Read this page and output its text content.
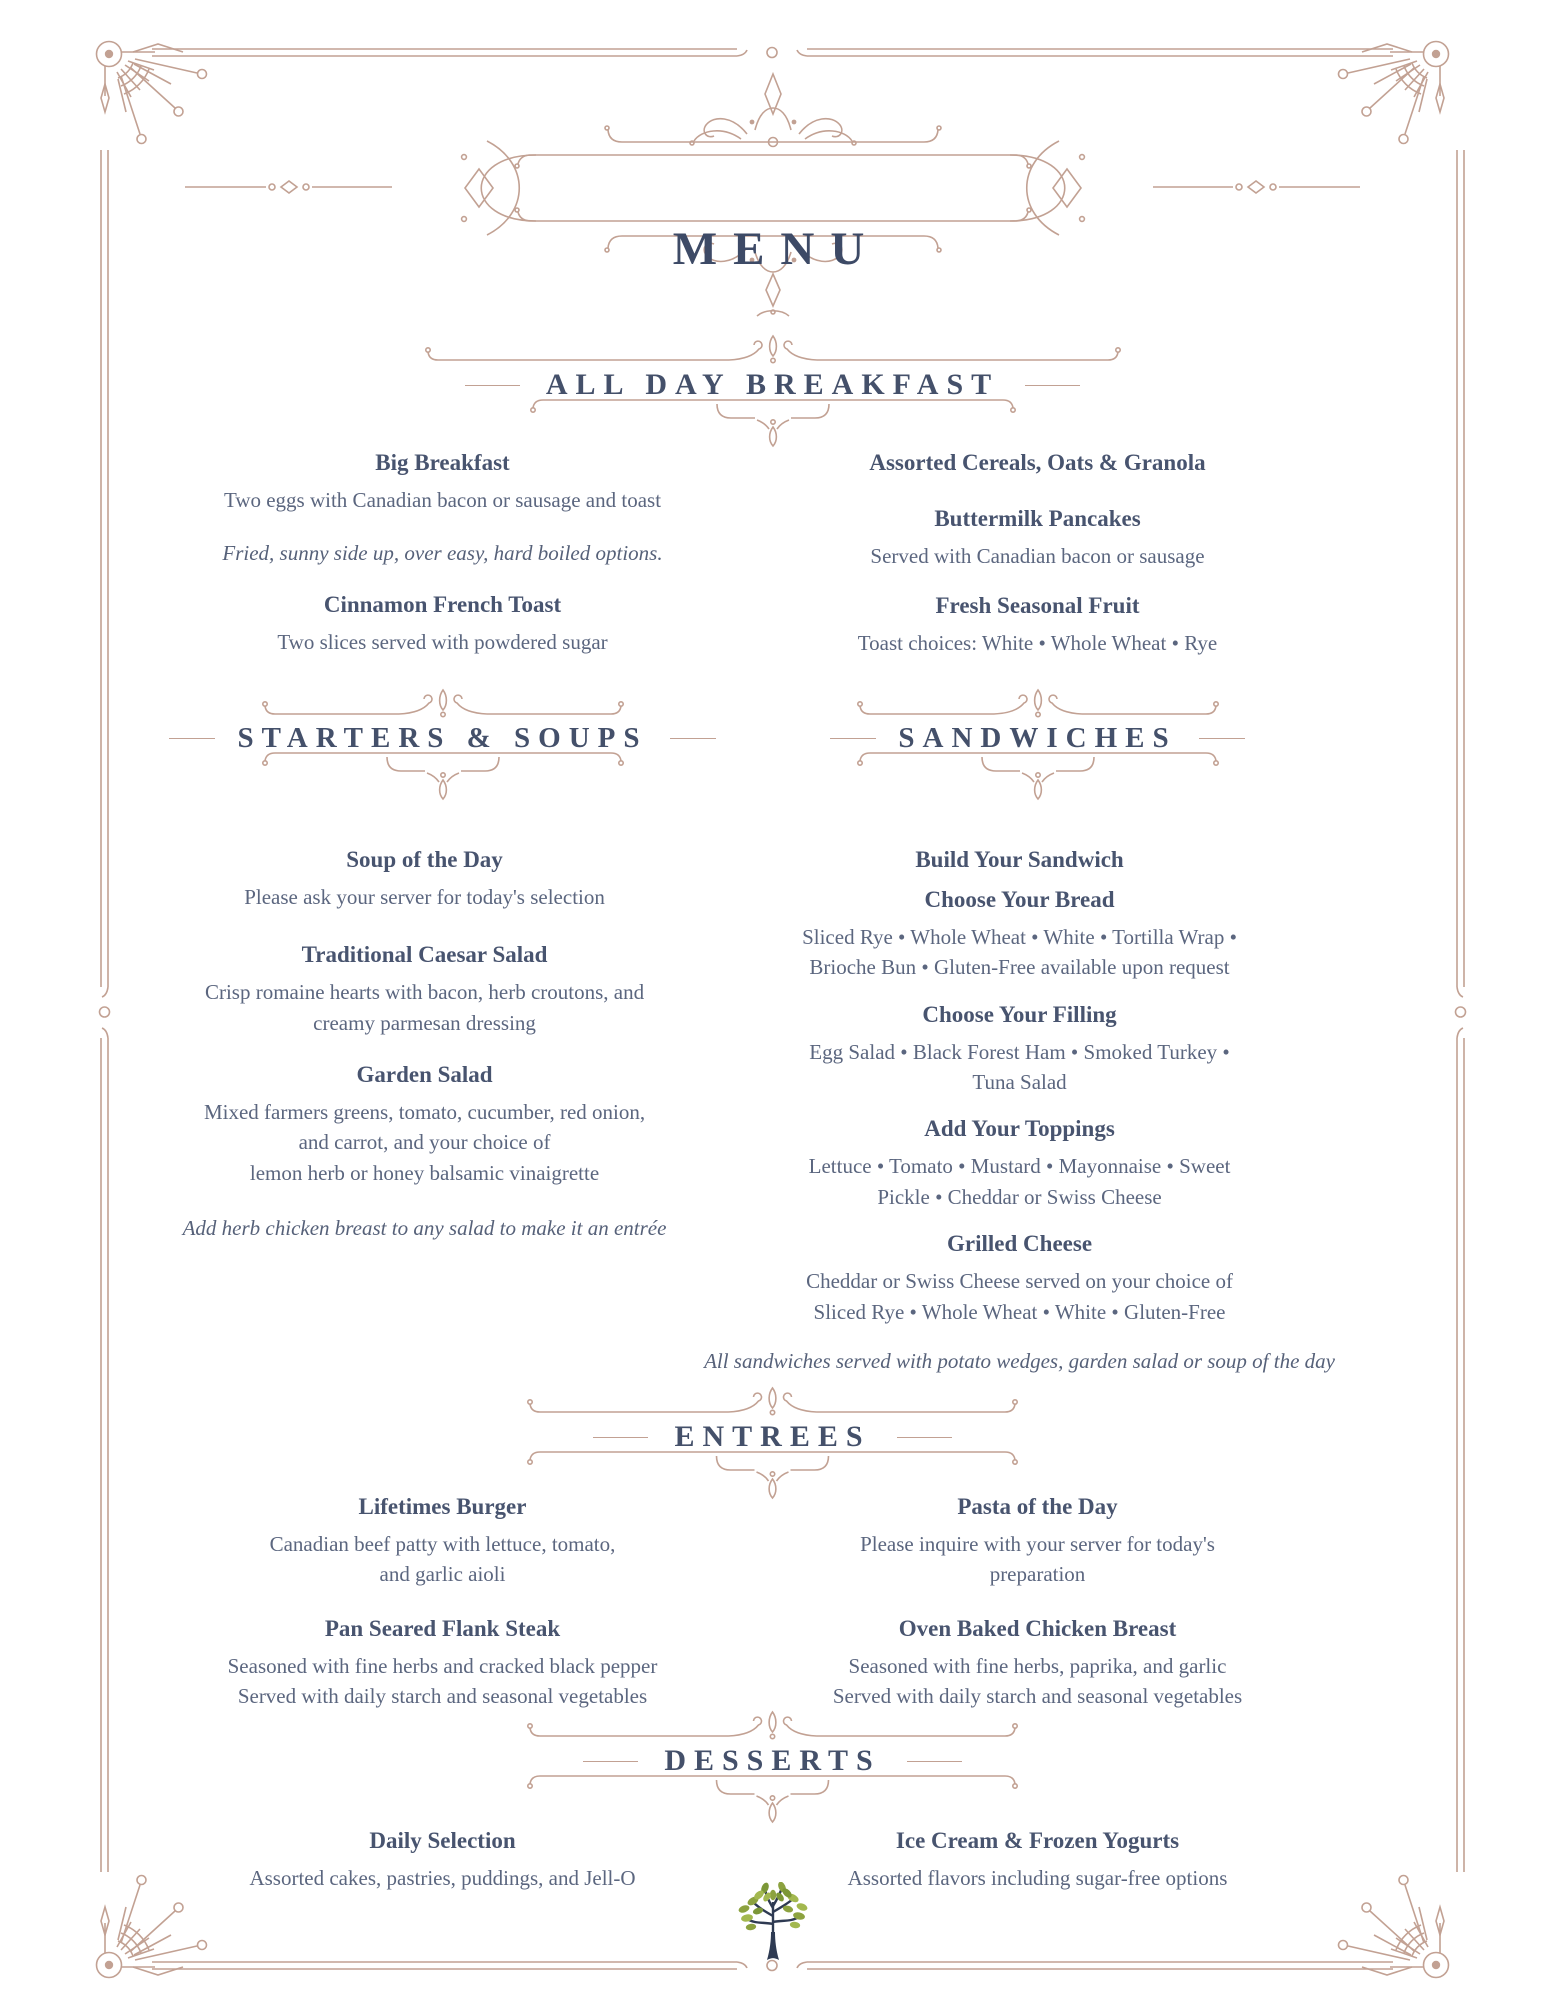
MENU
ALL DAY BREAKFAST
Big Breakfast
Two eggs with Canadian bacon or sausage and toast
Fried, sunny side up, over easy, hard boiled options.
Cinnamon French Toast
Two slices served with powdered sugar
Assorted Cereals, Oats & Granola
Buttermilk Pancakes
Served with Canadian bacon or sausage
Fresh Seasonal Fruit
Toast choices: White • Whole Wheat • Rye
STARTERS & SOUPS	SANDWICHES
Soup of the Day
Please ask your server for today's selection
Traditional Caesar Salad
Crisp romaine hearts with bacon, herb croutons, and
creamy parmesan dressing
Garden Salad
Mixed farmers greens, tomato, cucumber, red onion,
and carrot, and your choice of
lemon herb or honey balsamic vinaigrette
Add herb chicken breast to any salad to make it an entrée
Build Your Sandwich
Choose Your Bread
Sliced Rye • Whole Wheat • White • Tortilla Wrap •
Brioche Bun • Gluten-Free available upon request
Choose Your Filling
Egg Salad • Black Forest Ham • Smoked Turkey •
Tuna Salad
Add Your Toppings
Lettuce • Tomato • Mustard • Mayonnaise • Sweet
Pickle • Cheddar or Swiss Cheese
Grilled Cheese
Cheddar or Swiss Cheese served on your choice of
Sliced Rye • Whole Wheat • White • Gluten-Free
All sandwiches served with potato wedges, garden salad or soup of the day
ENTREES
Lifetimes Burger
Canadian beef patty with lettuce, tomato,
and garlic aioli
Pan Seared Flank Steak
Seasoned with fine herbs and cracked black pepper
Served with daily starch and seasonal vegetables
Pasta of the Day
Please inquire with your server for today's
preparation
Oven Baked Chicken Breast
Seasoned with fine herbs, paprika, and garlic
Served with daily starch and seasonal vegetables
DESSERTS
Daily Selection
Assorted cakes, pastries, puddings, and Jell-O
Ice Cream & Frozen Yogurts
Assorted flavors including sugar-free options
